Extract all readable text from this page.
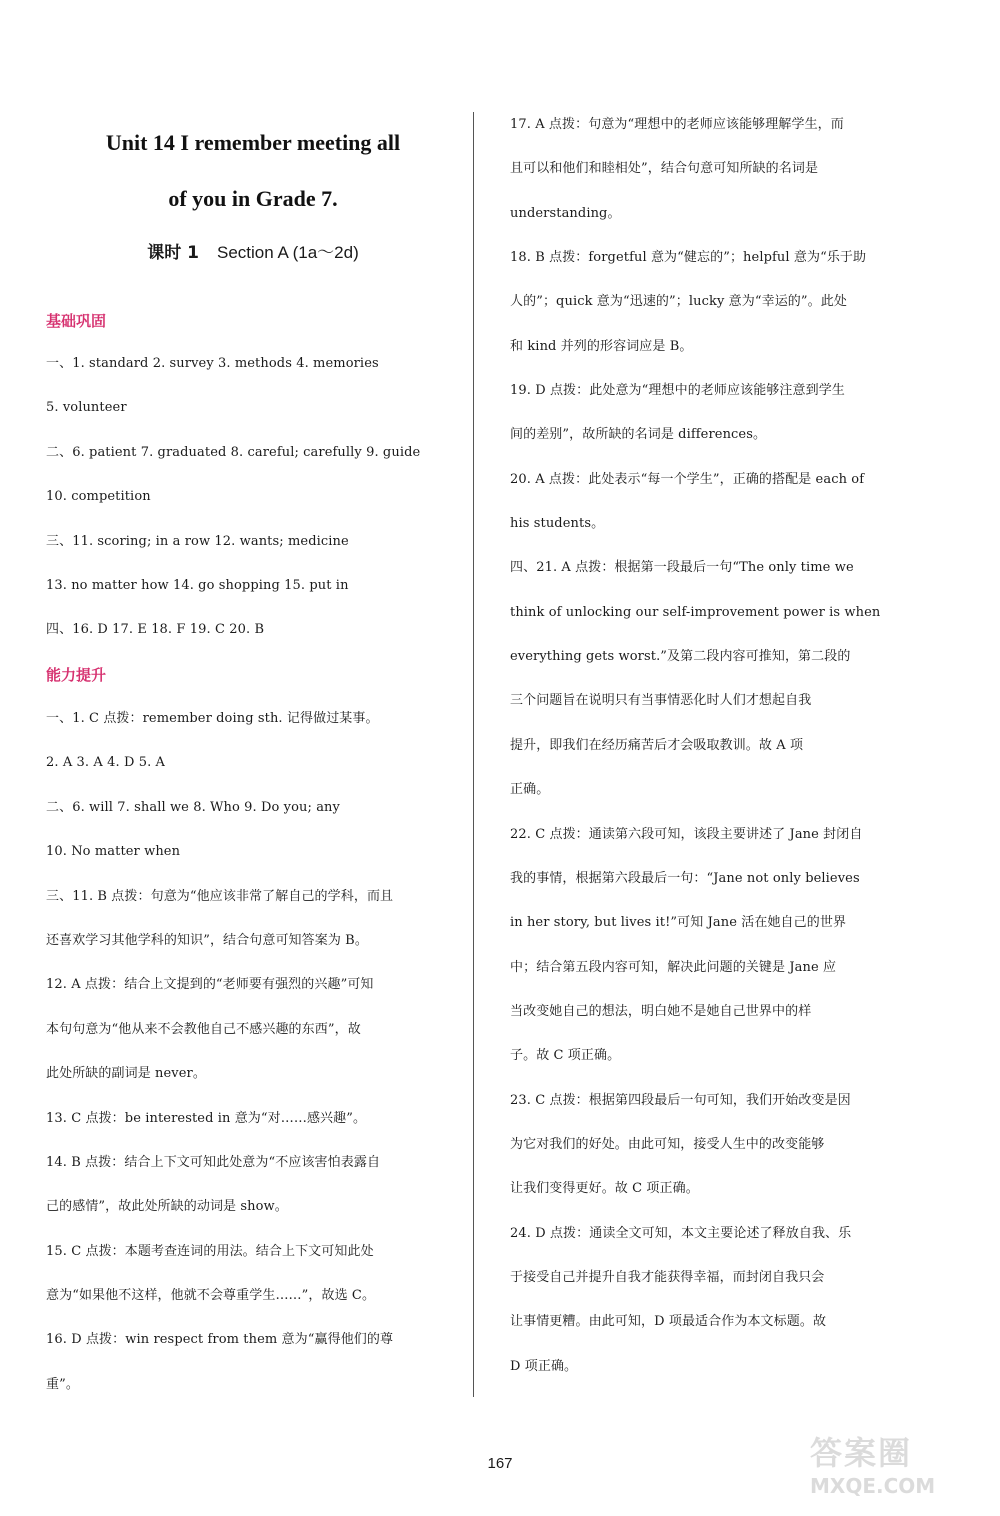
Unit 14 I remember meeting all
of you in Grade 7.
课时 1 Section A (1a～2d)
基础巩固
一、1. standard 2. survey 3. methods 4. memories
5. volunteer
二、6. patient 7. graduated 8. careful; carefully 9. guide
10. competition
三、11. scoring; in a row 12. wants; medicine
13. no matter how 14. go shopping 15. put in
四、16. D 17. E 18. F 19. C 20. B
能力提升
一、1. C 点拨：remember doing sth. 记得做过某事。
2. A 3. A 4. D 5. A
二、6. will 7. shall we 8. Who 9. Do you; any
10. No matter when
三、11. B 点拨：句意为“他应该非常了解自己的学科，而且
还喜欢学习其他学科的知识”，结合句意可知答案为 B。
12. A 点拨：结合上文提到的“老师要有强烈的兴趣”可知
本句句意为“他从来不会教他自己不感兴趣的东西”，故
此处所缺的副词是 never。
13. C 点拨：be interested in 意为“对……感兴趣”。
14. B 点拨：结合上下文可知此处意为“不应该害怕表露自
己的感情”，故此处所缺的动词是 show。
15. C 点拨：本题考查连词的用法。结合上下文可知此处
意为“如果他不这样，他就不会尊重学生……”，故选 C。
16. D 点拨：win respect from them 意为“赢得他们的尊
重”。
17. A 点拨：句意为“理想中的老师应该能够理解学生，而
且可以和他们和睦相处”，结合句意可知所缺的名词是
understanding。
18. B 点拨：forgetful 意为“健忘的”；helpful 意为“乐于助
人的”；quick 意为“迅速的”；lucky 意为“幸运的”。此处
和 kind 并列的形容词应是 B。
19. D 点拨：此处意为“理想中的老师应该能够注意到学生
间的差别”，故所缺的名词是 differences。
20. A 点拨：此处表示“每一个学生”，正确的搭配是 each of
his students。
四、21. A 点拨：根据第一段最后一句“The only time we
think of unlocking our self-improvement power is when
everything gets worst.”及第二段内容可推知，第二段的
三个问题旨在说明只有当事情恶化时人们才想起自我
提升，即我们在经历痛苦后才会吸取教训。故 A 项
正确。
22. C 点拨：通读第六段可知，该段主要讲述了 Jane 封闭自
我的事情，根据第六段最后一句：“Jane not only believes
in her story, but lives it!”可知 Jane 活在她自己的世界
中；结合第五段内容可知，解决此问题的关键是 Jane 应
当改变她自己的想法，明白她不是她自己世界中的样
子。故 C 项正确。
23. C 点拨：根据第四段最后一句可知，我们开始改变是因
为它对我们的好处。由此可知，接受人生中的改变能够
让我们变得更好。故 C 项正确。
24. D 点拨：通读全文可知，本文主要论述了释放自我、乐
于接受自己并提升自我才能获得幸福，而封闭自我只会
让事情更糟。由此可知，D 项最适合作为本文标题。故
D 项正确。
167	答案圈
MXQE.COM
